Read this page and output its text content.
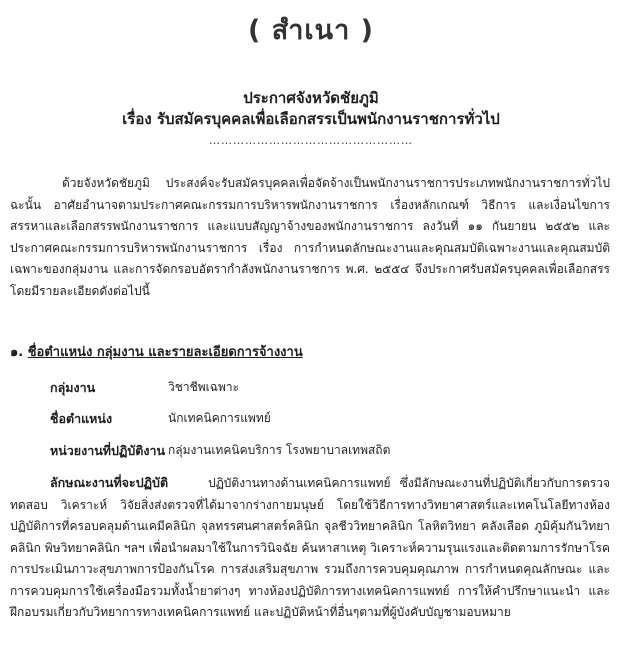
( สำเนา )
ประกาศจังหวัดชัยภูมิ
เรื่อง รับสมัครบุคคลเพื่อเลือกสรรเป็นพนักงานราชการทั่วไป
……………………………………………
ด้วยจังหวัดชัยภูมิ ประสงค์จะรับสมัครบุคคลเพื่อจัดจ้างเป็นพนักงานราชการประเภทพนักงานราชการทั่วไป ฉะนั้น อาศัยอำนาจตามประกาศคณะกรรมการบริหารพนักงานราชการ เรื่องหลักเกณฑ์ วิธีการ และเงื่อนไขการสรรหาและเลือกสรรพนักงานราชการ และแบบสัญญาจ้างของพนักงานราชการ ลงวันที่ ๑๑ กันยายน ๒๕๕๒ และประกาศคณะกรรมการบริหารพนักงานราชการ เรื่อง การกำหนดลักษณะงานและคุณสมบัติเฉพาะงานและคุณสมบัติเฉพาะของกลุ่มงาน และการจัดกรอบอัตรากำลังพนักงานราชการ พ.ศ. ๒๕๕๔ จึงประกาศรับสมัครบุคคลเพื่อเลือกสรร โดยมีรายละเอียดดังต่อไปนี้
๑. ชื่อตำแหน่ง กลุ่มงาน และรายละเอียดการจ้างงาน
กลุ่มงาน	วิชาชีพเฉพาะ
ชื่อตำแหน่ง	นักเทคนิคการแพทย์
หน่วยงานที่ปฏิบัติงาน กลุ่มงานเทคนิคบริการ โรงพยาบาลเทพสถิต
ลักษณะงานที่จะปฏิบัติ	ปฏิบัติงานทางด้านเทคนิคการแพทย์ ซึ่งมีลักษณะงานที่ปฏิบัติเกี่ยวกับการตรวจ ทดสอบ วิเคราะห์ วิจัยสิ่งส่งตรวจที่ได้มาจากร่างกายมนุษย์ โดยใช้วิธีการทางวิทยาศาสตร์และเทคโนโลยีทางห้องปฏิบัติการที่ครอบคลุมด้านเคมีคลินิก จุลทรรศนศาสตร์คลินิก จุลชีววิทยาคลินิก โลหิตวิทยา คลังเลือด ภูมิคุ้มกันวิทยาคลินิก พิษวิทยาคลินิก ฯลฯ เพื่อนำผลมาใช้ในการวินิจฉัย ค้นหาสาเหตุ วิเคราะห์ความรุนแรงและติดตามการรักษาโรค การประเมินภาวะสุขภาพการป้องกันโรค การส่งเสริมสุขภาพ รวมถึงการควบคุมคุณภาพ การกำหนดคุณลักษณะ และการควบคุมการใช้เครื่องมือรวมทั้งน้ำยาต่างๆ ทางห้องปฏิบัติการทางเทคนิคการแพทย์ การให้คำปรึกษาแนะนำ และฝึกอบรมเกี่ยวกับวิทยาการทางเทคนิคการแพทย์ และปฏิบัติหน้าที่อื่นๆตามที่ผู้บังคับบัญชามอบหมาย
